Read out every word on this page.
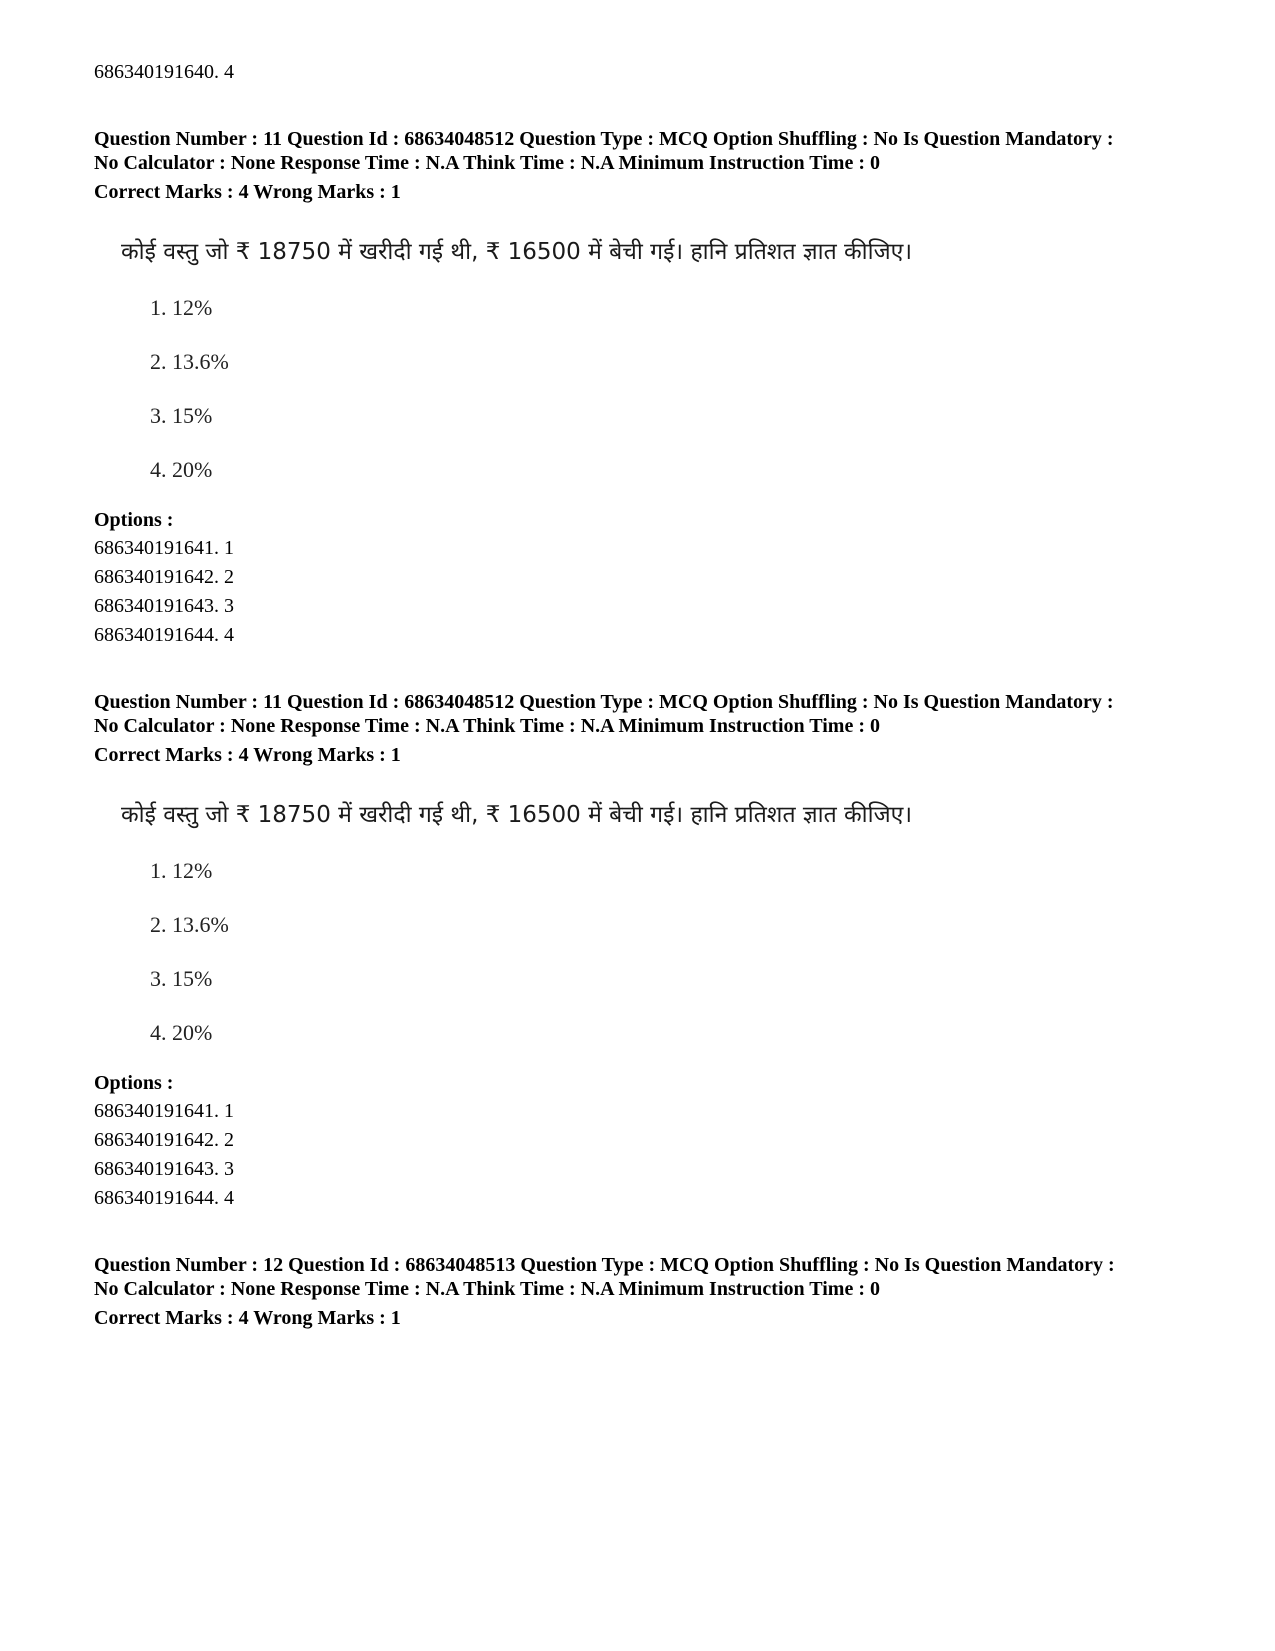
686340191640. 4
Question Number : 11 Question Id : 68634048512 Question Type : MCQ Option Shuffling : No Is Question Mandatory :
No Calculator : None Response Time : N.A Think Time : N.A Minimum Instruction Time : 0
Correct Marks : 4 Wrong Marks : 1
कोई वस्तु जो ₹ 18750 में खरीदी गई थी, ₹ 16500 में बेची गई। हानि प्रतिशत ज्ञात कीजिए।
1. 12%
2. 13.6%
3. 15%
4. 20%
Options :
686340191641. 1
686340191642. 2
686340191643. 3
686340191644. 4
Question Number : 11 Question Id : 68634048512 Question Type : MCQ Option Shuffling : No Is Question Mandatory :
No Calculator : None Response Time : N.A Think Time : N.A Minimum Instruction Time : 0
Correct Marks : 4 Wrong Marks : 1
कोई वस्तु जो ₹ 18750 में खरीदी गई थी, ₹ 16500 में बेची गई। हानि प्रतिशत ज्ञात कीजिए।
1. 12%
2. 13.6%
3. 15%
4. 20%
Options :
686340191641. 1
686340191642. 2
686340191643. 3
686340191644. 4
Question Number : 12 Question Id : 68634048513 Question Type : MCQ Option Shuffling : No Is Question Mandatory :
No Calculator : None Response Time : N.A Think Time : N.A Minimum Instruction Time : 0
Correct Marks : 4 Wrong Marks : 1
